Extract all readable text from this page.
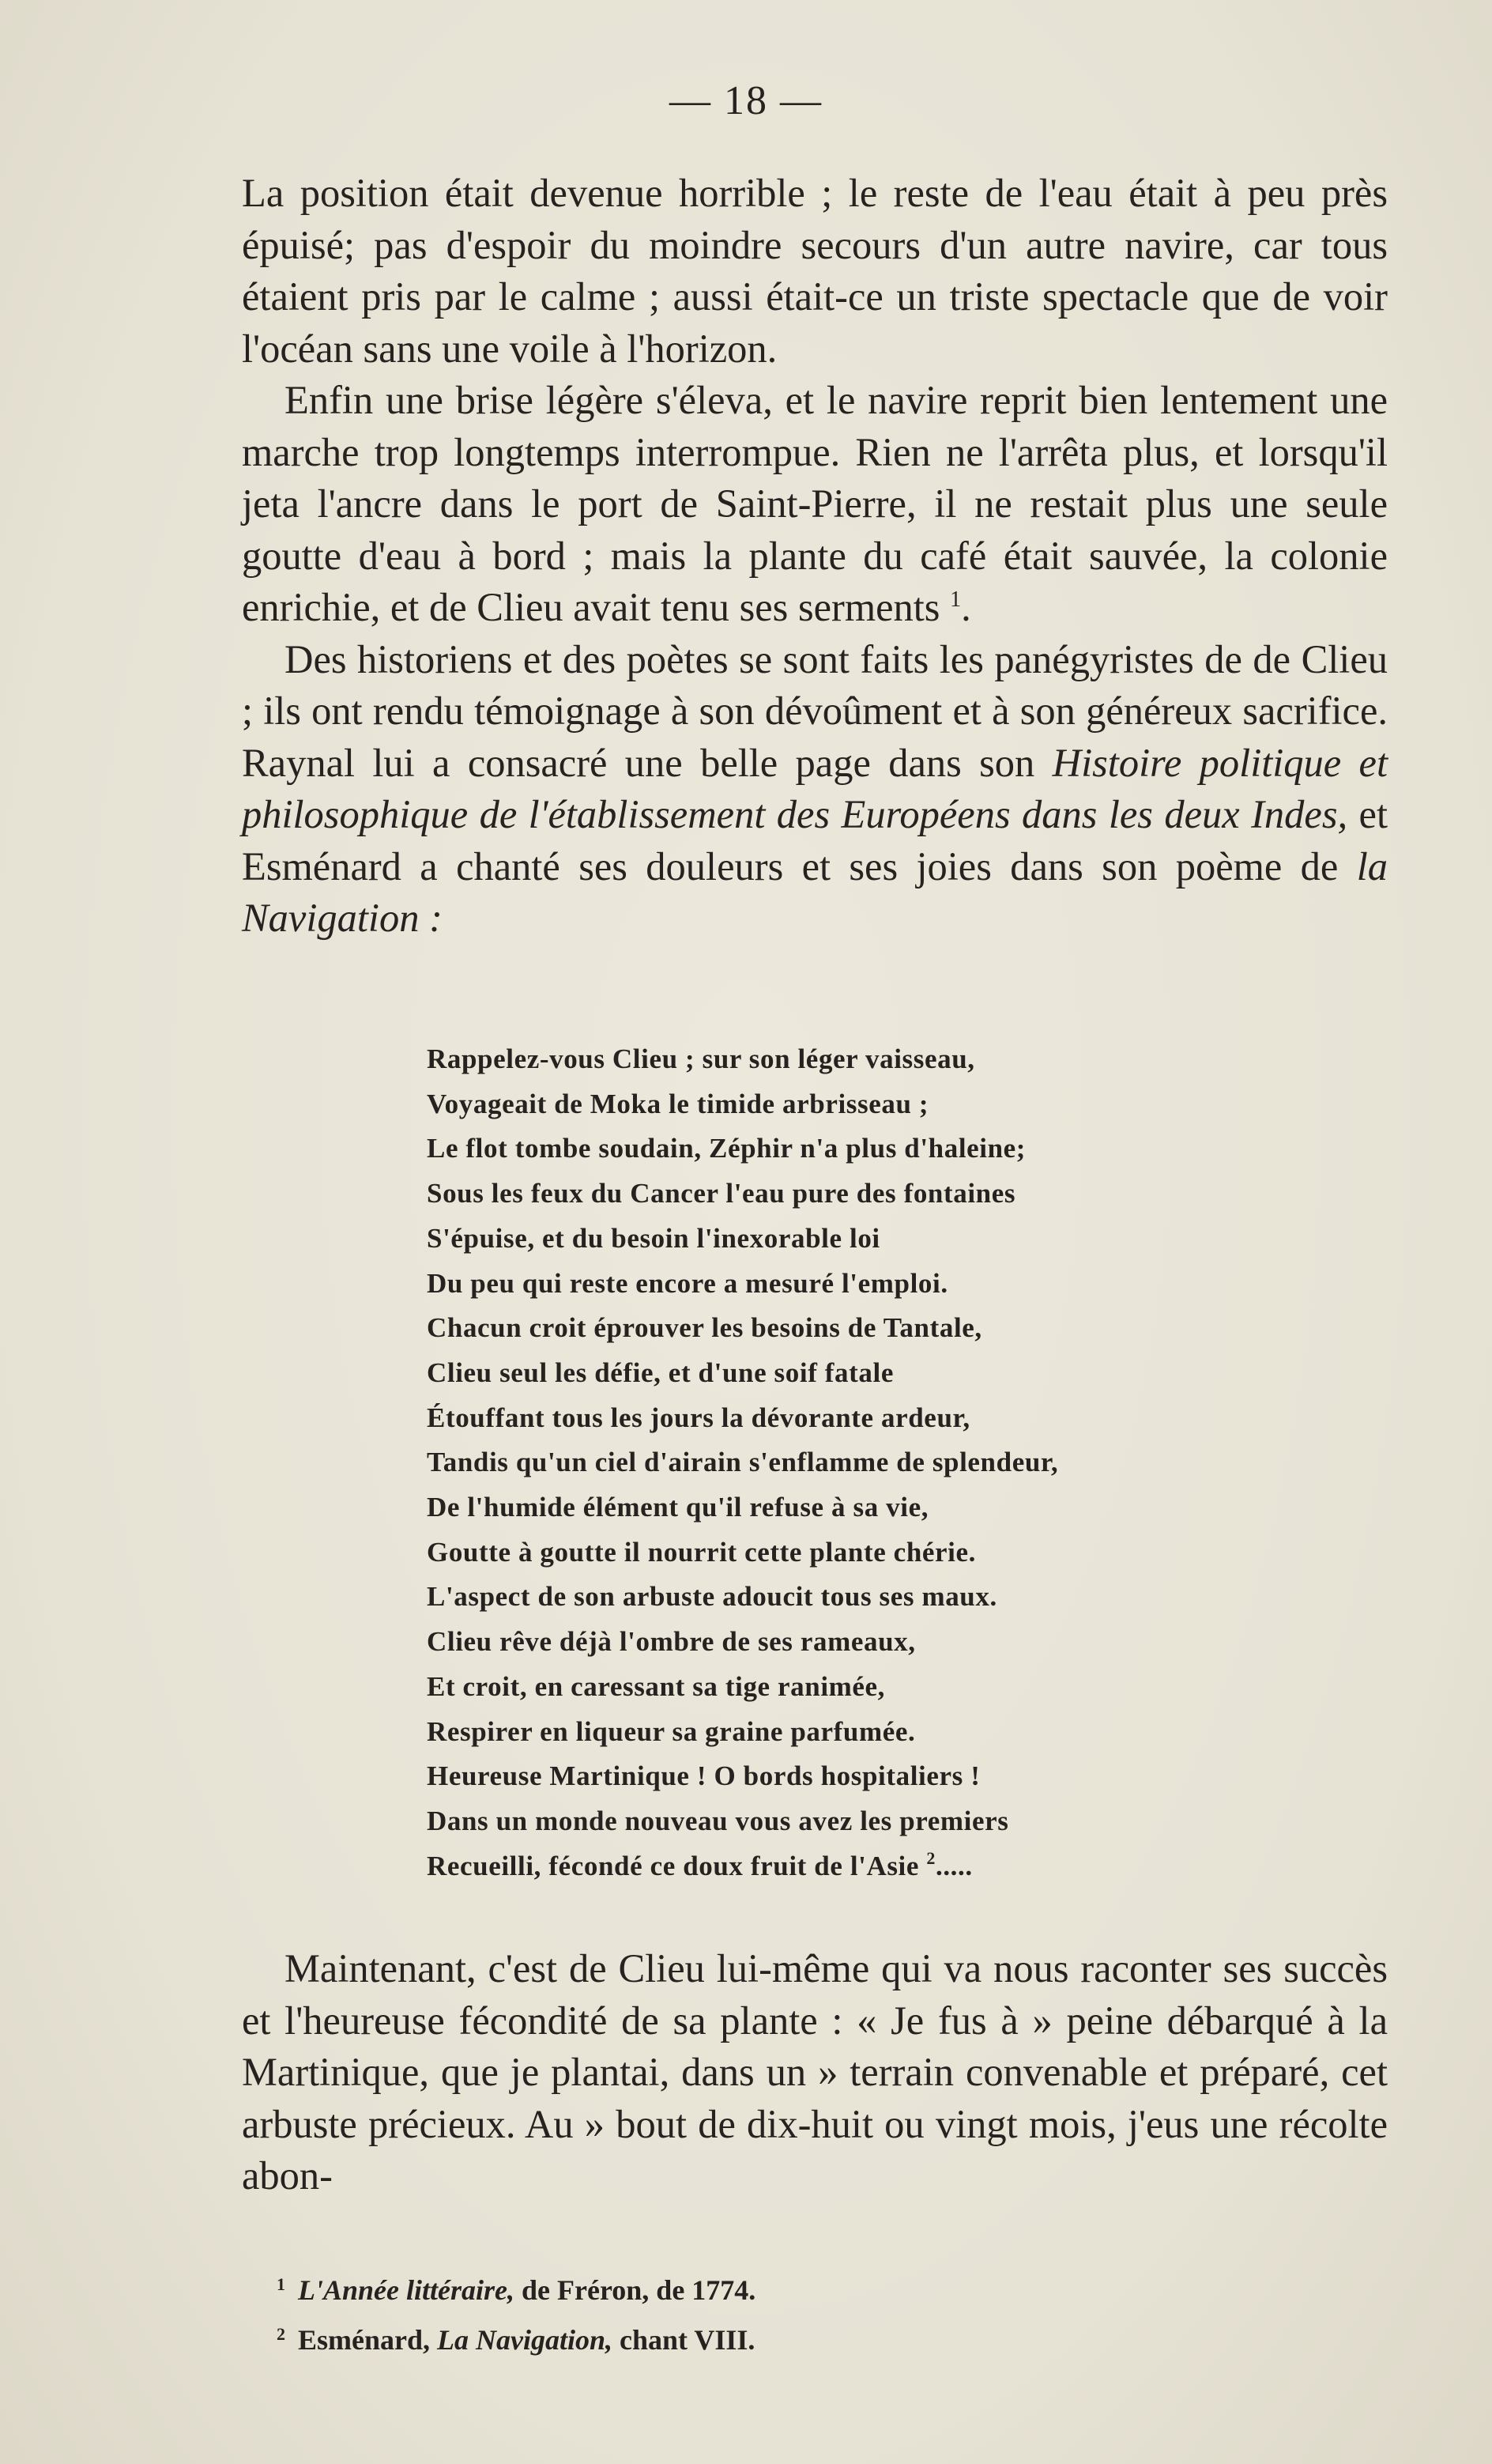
— 18 —

La position était devenue horrible ; le reste de l'eau était à peu près épuisé; pas d'espoir du moindre secours d'un autre navire, car tous étaient pris par le calme ; aussi était-ce un triste spectacle que de voir l'océan sans une voile à l'horizon.

Enfin une brise légère s'éleva, et le navire reprit bien lentement une marche trop longtemps interrompue. Rien ne l'arrêta plus, et lorsqu'il jeta l'ancre dans le port de Saint-Pierre, il ne restait plus une seule goutte d'eau à bord ; mais la plante du café était sauvée, la colonie enrichie, et de Clieu avait tenu ses serments $^1$.

Des historiens et des poètes se sont faits les panégyristes de de Clieu ; ils ont rendu témoignage à son dévoûment et à son généreux sacrifice. Raynal lui a consacré une belle page dans son Histoire politique et philosophique de l'établissement des Européens dans les deux Indes, et Esménard a chanté ses douleurs et ses joies dans son poème de la Navigation :

Rappelez-vous Clieu ; sur son léger vaisseau,
Voyageait de Moka le timide arbrisseau ;
Le flot tombe soudain, Zéphir n'a plus d'haleine;
Sous les feux du Cancer l'eau pure des fontaines
S'épuise, et du besoin l'inexorable loi
Du peu qui reste encore a mesuré l'emploi.
Chacun croit éprouver les besoins de Tantale,
Clieu seul les défie, et d'une soif fatale
Étouffant tous les jours la dévorante ardeur,
Tandis qu'un ciel d'airain s'enflamme de splendeur,
De l'humide élément qu'il refuse à sa vie,
Goutte à goutte il nourrit cette plante chérie.
L'aspect de son arbuste adoucit tous ses maux.
Clieu rêve déjà l'ombre de ses rameaux,
Et croit, en caressant sa tige ranimée,
Respirer en liqueur sa graine parfumée.
Heureuse Martinique ! O bords hospitaliers !
Dans un monde nouveau vous avez les premiers
Recueilli, fécondé ce doux fruit de l'Asie $^2$.....

Maintenant, c'est de Clieu lui-même qui va nous raconter ses succès et l'heureuse fécondité de sa plante : « Je fus à » peine débarqué à la Martinique, que je plantai, dans un » terrain convenable et préparé, cet arbuste précieux. Au » bout de dix-huit ou vingt mois, j'eus une récolte abon-

$^1$ L'Année littéraire, de Fréron, de 1774.
$^2$ Esménard, La Navigation, chant VIII.
